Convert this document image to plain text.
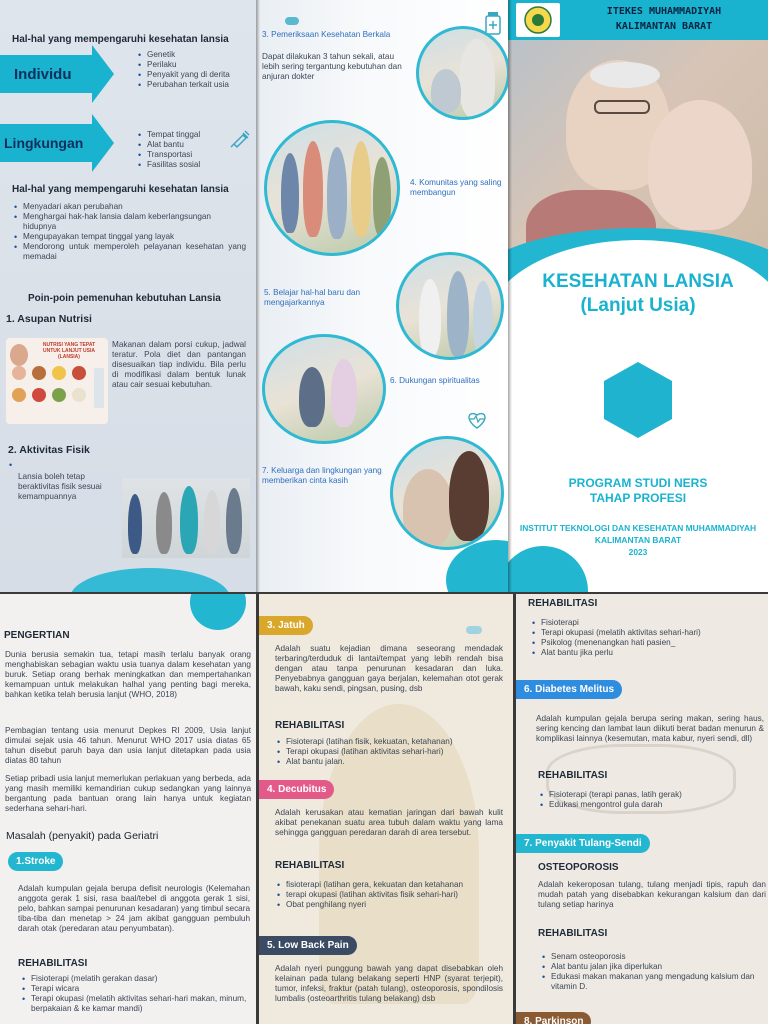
Hal-hal yang mempengaruhi kesehatan lansia
Individu
• Genetik
• Perilaku
• Penyakit yang di derita
• Perubahan terkait usia
Lingkungan
• Tempat tinggal
• Alat bantu
• Transportasi
• Fasilitas sosial
Hal-hal yang mempengaruhi kesehatan lansia
• Menyadari akan perubahan
• Menghargai hak-hak lansia dalam keberlangsungan hidupnya
• Mengupayakan tempat tinggal yang layak
• Mendorong untuk memperoleh pelayanan kesehatan yang memadai
Poin-poin pemenuhan kebutuhan Lansia
1. Asupan Nutrisi
NUTRISI YANG TEPAT UNTUK LANJUT USIA (LANSIA)
Makanan dalam porsi cukup, jadwal teratur. Pola diet dan pantangan disesuaikan tiap individu. Bila perlu di modifikasi dalam bentuk lunak atau cair sesuai kebutuhan.
2. Aktivitas Fisik
•
Lansia boleh tetap beraktivitas fisik sesuai kemampuannya
3. Pemeriksaan Kesehatan Berkala
Dapat dilakukan 3 tahun sekali, atau lebih sering tergantung kebutuhan dan anjuran dokter
4. Komunitas yang saling membangun
5. Belajar hal-hal baru dan mengajarkannya
6. Dukungan spiritualitas
7. Keluarga dan lingkungan yang memberikan cinta kasih
ITEKES MUHAMMADIYAH
KALIMANTAN BARAT
KESEHATAN LANSIA
(Lanjut Usia)
PROGRAM STUDI NERS
TAHAP PROFESI
INSTITUT TEKNOLOGI DAN KESEHATAN MUHAMMADIYAH
KALIMANTAN BARAT
2023
PENGERTIAN
Dunia berusia semakin tua, tetapi masih terlalu banyak orang menghabiskan sebagian waktu usia tuanya dalam kesehatan yang buruk. Setiap orang berhak meningkatkan dan mempertahankan kemampuan untuk melakukan halhal yang penting bagi mereka, bahkan ketika telah berusia lanjut (WHO, 2018)
Pembagian tentang usia menurut Depkes RI 2009, Usia lanjut dimulai sejak usia 46 tahun. Menurut WHO 2017 usia diatas 65 tahun disebut paruh baya dan usia lanjut ditetapkan pada usia diatas 80 tahun
Setiap pribadi usia lanjut memerlukan perlakuan yang berbeda, ada yang masih memiliki kemandirian cukup sedangkan yang lainnya bergantung pada bantuan orang lain hanya untuk kegiatan sederhana sehari-hari.
Masalah (penyakit) pada Geriatri
1.Stroke
Adalah kumpulan gejala berupa defisit neurologis (Kelemahan anggota gerak 1 sisi, rasa baal/tebel di anggota gerak 1 sisi, pelo, bahkan sampai penurunan kesadaran) yang timbul secara tiba-tiba dan menetap > 24 jam akibat gangguan pembuluh darah otak (peredaran atau penyumbatan).
REHABILITASI
• Fisioterapi (melatih gerakan dasar)
• Terapi wicara
• Terapi okupasi (melatih aktivitas sehari-hari makan, minum, berpakaian & ke kamar mandi)
3. Jatuh
Adalah suatu kejadian dimana seseorang mendadak terbaring/terduduk di lantai/tempat yang lebih rendah bisa dengan atau tanpa penurunan kesadaran dan luka. Penyebabnya gangguan gaya berjalan, kelemahan otot gerak bawah, kaku sendi, pingsan, pusing, dsb
REHABILITASI
• Fisioterapi (latihan fisik, kekuatan, ketahanan)
• Terapi okupasi (latihan aktivitas sehari-hari)
• Alat bantu jalan.
4. Decubitus
Adalah kerusakan atau kematian jaringan dari bawah kulit akibat penekanan suatu area tubuh dalam waktu yang lama sehingga gangguan peredaran darah di area tersebut.
REHABILITASI
• fisioterapi (latihan gera, kekuatan dan ketahanan
• terapi okupasi (latihan aktivitas fisik sehari-hari)
• Obat penghilang nyeri
5. Low Back Pain
Adalah nyeri punggung bawah yang dapat disebabkan oleh kelainan pada tulang belakang seperti HNP (syarat terjepit), tumor, infeksi, fraktur (patah tulang), osteoporosis, spondilosis lumbalis (osteoarthritis tulang belakang) dsb
REHABILITASI
• Fisioterapi
• Terapi okupasi (melatih aktivitas sehari-hari)
• Psikolog (menenangkan hati pasien_
• Alat bantu jika perlu
6. Diabetes Melitus
Adalah kumpulan gejala berupa sering makan, sering haus, sering kencing dan lambat laun diikuti berat badan menurun & komplikasi lainnya (kesemutan, mata kabur, nyeri sendi, dll)
REHABILITASI
• Fisioterapi (terapi panas, latih gerak)
• Edukasi mengontrol gula darah
7. Penyakit Tulang-Sendi
OSTEOPOROSIS
Adalah kekeroposan tulang, tulang menjadi tipis, rapuh dan mudah patah yang disebabkan kekurangan kalsium dan dari tulang setiap harinya
REHABILITASI
• Senam osteoporosis
• Alat bantu jalan jika diperlukan
• Edukasi makan makanan yang mengadung kalsium dan vitamin D.
8. Parkinson
